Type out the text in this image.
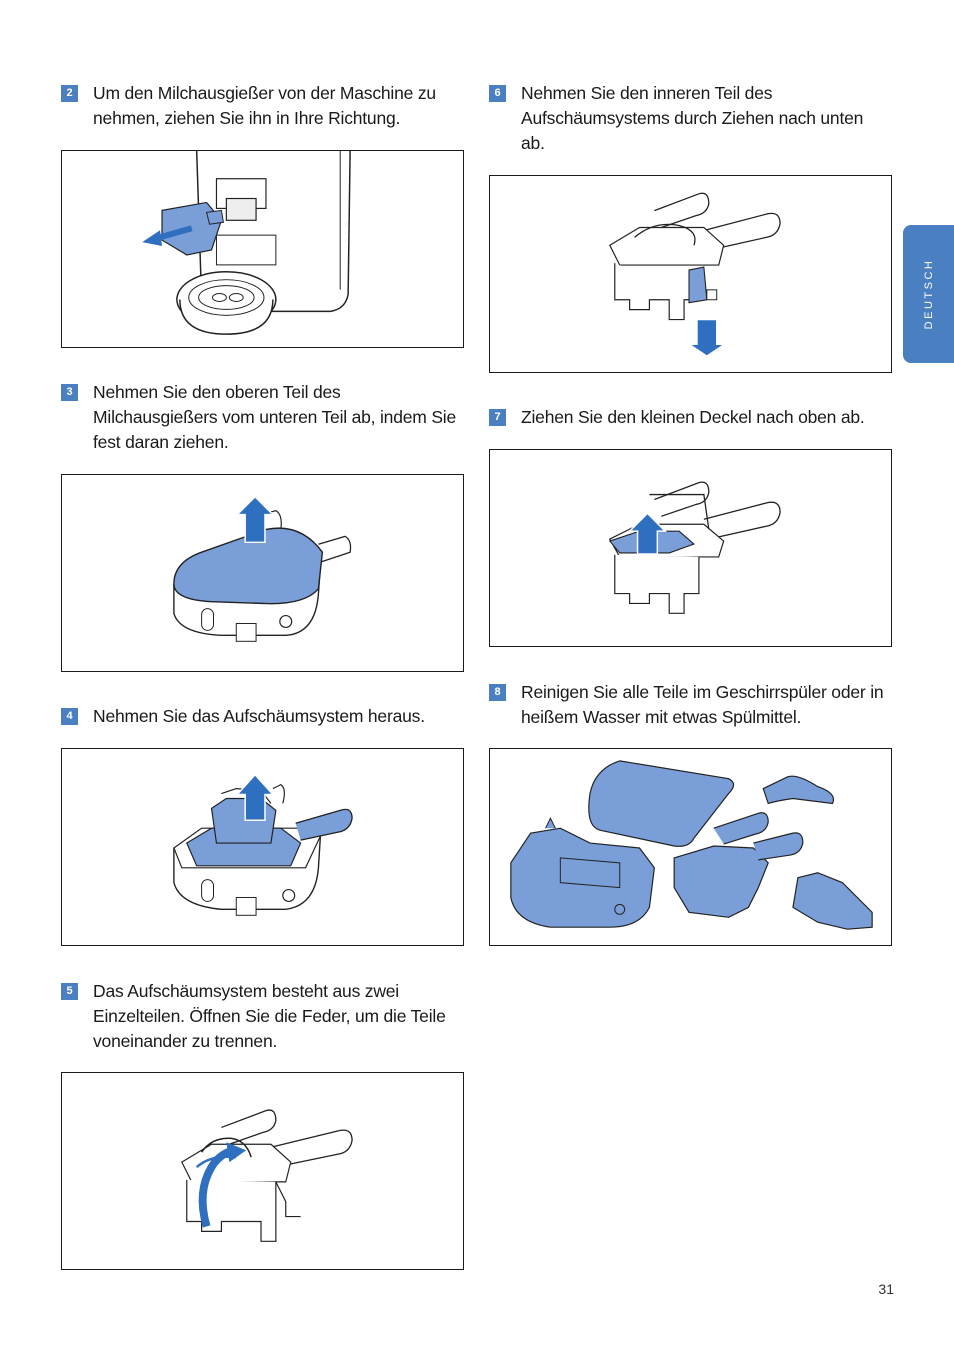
DEUTSCH
2	Um den Milchausgießer von der Maschine zu nehmen, ziehen Sie ihn in Ihre Richtung.
3	Nehmen Sie den oberen Teil des Milchausgießers vom unteren Teil ab, indem Sie fest daran ziehen.
4	Nehmen Sie das Aufschäumsystem heraus.
5	Das Aufschäumsystem besteht aus zwei Einzelteilen. Öffnen Sie die Feder, um die Teile voneinander zu trennen.
6	Nehmen Sie den inneren Teil des Aufschäumsystems durch Ziehen nach unten ab.
7	Ziehen Sie den kleinen Deckel nach oben ab.
8	Reinigen Sie alle Teile im Geschirrspüler oder in heißem Wasser mit etwas Spülmittel.
31
